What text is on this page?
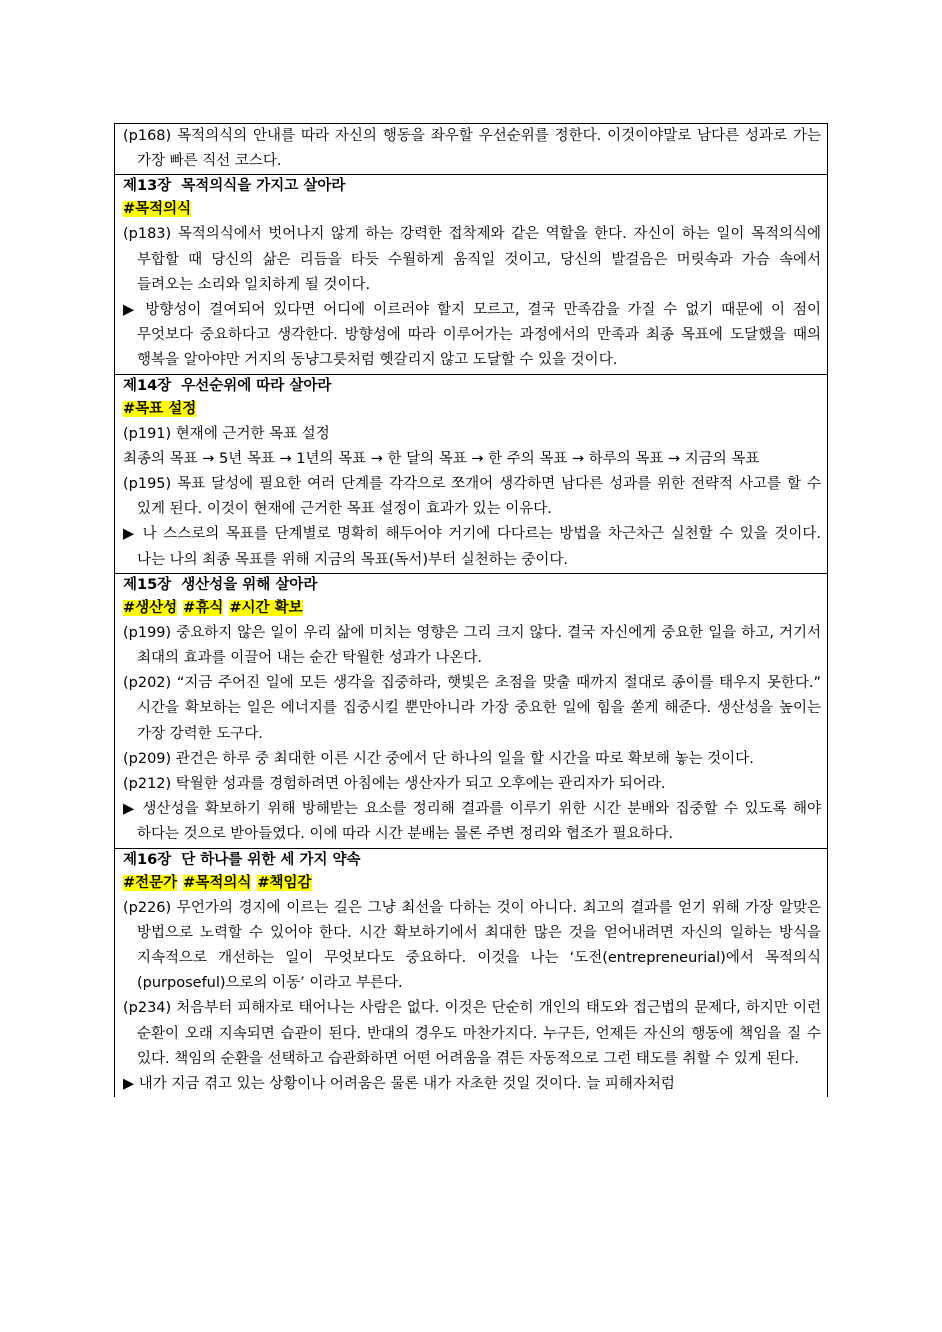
(p168) 목적의식의 안내를 따라 자신의 행동을 좌우할 우선순위를 정한다. 이것이야말로 남다른 성과로 가는 가장 빠른 직선 코스다.
제13장 목적의식을 가지고 살아라
#목적의식
(p183) 목적의식에서 벗어나지 않게 하는 강력한 접착제와 같은 역할을 한다. 자신이 하는 일이 목적의식에 부합할 때 당신의 삶은 리듬을 타듯 수월하게 움직일 것이고, 당신의 발걸음은 머릿속과 가슴 속에서 들려오는 소리와 일치하게 될 것이다.
▶ 방향성이 결여되어 있다면 어디에 이르러야 할지 모르고, 결국 만족감을 가질 수 없기 때문에 이 점이 무엇보다 중요하다고 생각한다. 방향성에 따라 이루어가는 과정에서의 만족과 최종 목표에 도달했을 때의 행복을 알아야만 거지의 동냥그릇처럼 헷갈리지 않고 도달할 수 있을 것이다.
제14장 우선순위에 따라 살아라
#목표 설정
(p191) 현재에 근거한 목표 설정
최종의 목표 → 5년 목표 → 1년의 목표 → 한 달의 목표 → 한 주의 목표 → 하루의 목표 → 지금의 목표
(p195) 목표 달성에 필요한 여러 단계를 각각으로 쪼개어 생각하면 남다른 성과를 위한 전략적 사고를 할 수 있게 된다. 이것이 현재에 근거한 목표 설정이 효과가 있는 이유다.
▶ 나 스스로의 목표를 단계별로 명확히 해두어야 거기에 다다르는 방법을 차근차근 실천할 수 있을 것이다. 나는 나의 최종 목표를 위해 지금의 목표(독서)부터 실천하는 중이다.
제15장 생산성을 위해 살아라
#생산성 #휴식 #시간 확보
(p199) 중요하지 않은 일이 우리 삶에 미치는 영향은 그리 크지 않다. 결국 자신에게 중요한 일을 하고, 거기서 최대의 효과를 이끌어 내는 순간 탁월한 성과가 나온다.
(p202) “지금 주어진 일에 모든 생각을 집중하라, 햇빛은 초점을 맞출 때까지 절대로 종이를 태우지 못한다.” 시간을 확보하는 일은 에너지를 집중시킬 뿐만아니라 가장 중요한 일에 힘을 쏟게 해준다. 생산성을 높이는 가장 강력한 도구다.
(p209) 관건은 하루 중 최대한 이른 시간 중에서 단 하나의 일을 할 시간을 따로 확보해 놓는 것이다.
(p212) 탁월한 성과를 경험하려면 아침에는 생산자가 되고 오후에는 관리자가 되어라.
▶ 생산성을 확보하기 위해 방해받는 요소를 정리해 결과를 이루기 위한 시간 분배와 집중할 수 있도록 해야 하다는 것으로 받아들였다. 이에 따라 시간 분배는 물론 주변 정리와 협조가 필요하다.
제16장 단 하나를 위한 세 가지 약속
#전문가 #목적의식 #책임감
(p226) 무언가의 경지에 이르는 길은 그냥 최선을 다하는 것이 아니다. 최고의 결과를 얻기 위해 가장 알맞은 방법으로 노력할 수 있어야 한다. 시간 확보하기에서 최대한 많은 것을 얻어내려면 자신의 일하는 방식을 지속적으로 개선하는 일이 무엇보다도 중요하다. 이것을 나는 ‘도전(entrepreneurial)에서 목적의식(purposeful)으로의 이동’ 이라고 부른다.
(p234) 처음부터 피해자로 태어나는 사람은 없다. 이것은 단순히 개인의 태도와 접근법의 문제다, 하지만 이런 순환이 오래 지속되면 습관이 된다. 반대의 경우도 마찬가지다. 누구든, 언제든 자신의 행동에 책임을 질 수 있다. 책임의 순환을 선택하고 습관화하면 어떤 어려움을 겪든 자동적으로 그런 태도를 취할 수 있게 된다.
▶ 내가 지금 겪고 있는 상황이나 어려움은 물론 내가 자초한 것일 것이다. 늘 피해자처럼
